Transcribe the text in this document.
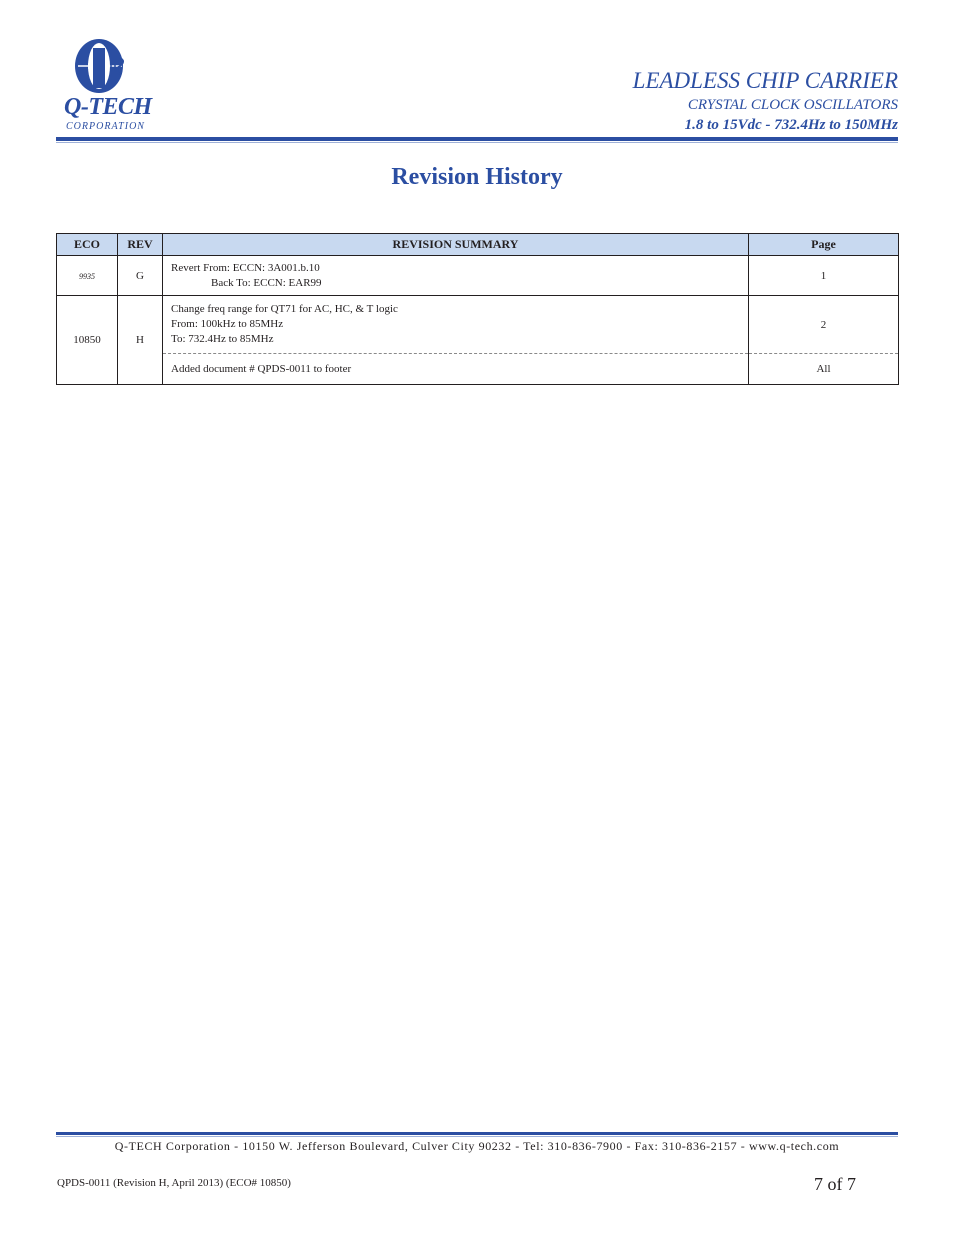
Q-TECH
CORPORATION
LEADLESS CHIP CARRIER
CRYSTAL CLOCK OSCILLATORS
1.8 to 15Vdc - 732.4Hz to 150MHz
Revision History
ECO	REV	REVISION SUMMARY	Page
9935	G	Revert From: ECCN: 3A001.b.10
Back To: ECCN: EAR99	1
10850	H	Change freq range for QT71 for AC, HC, & T logic
From: 100kHz to 85MHz
To: 732.4Hz to 85MHz	2

		Added document # QPDS-0011 to footer	All
Q-TECH Corporation - 10150 W. Jefferson Boulevard, Culver City 90232 - Tel: 310-836-7900 - Fax: 310-836-2157 - www.q-tech.com
QPDS-0011 (Revision H, April 2013) (ECO# 10850)	7 of 7
